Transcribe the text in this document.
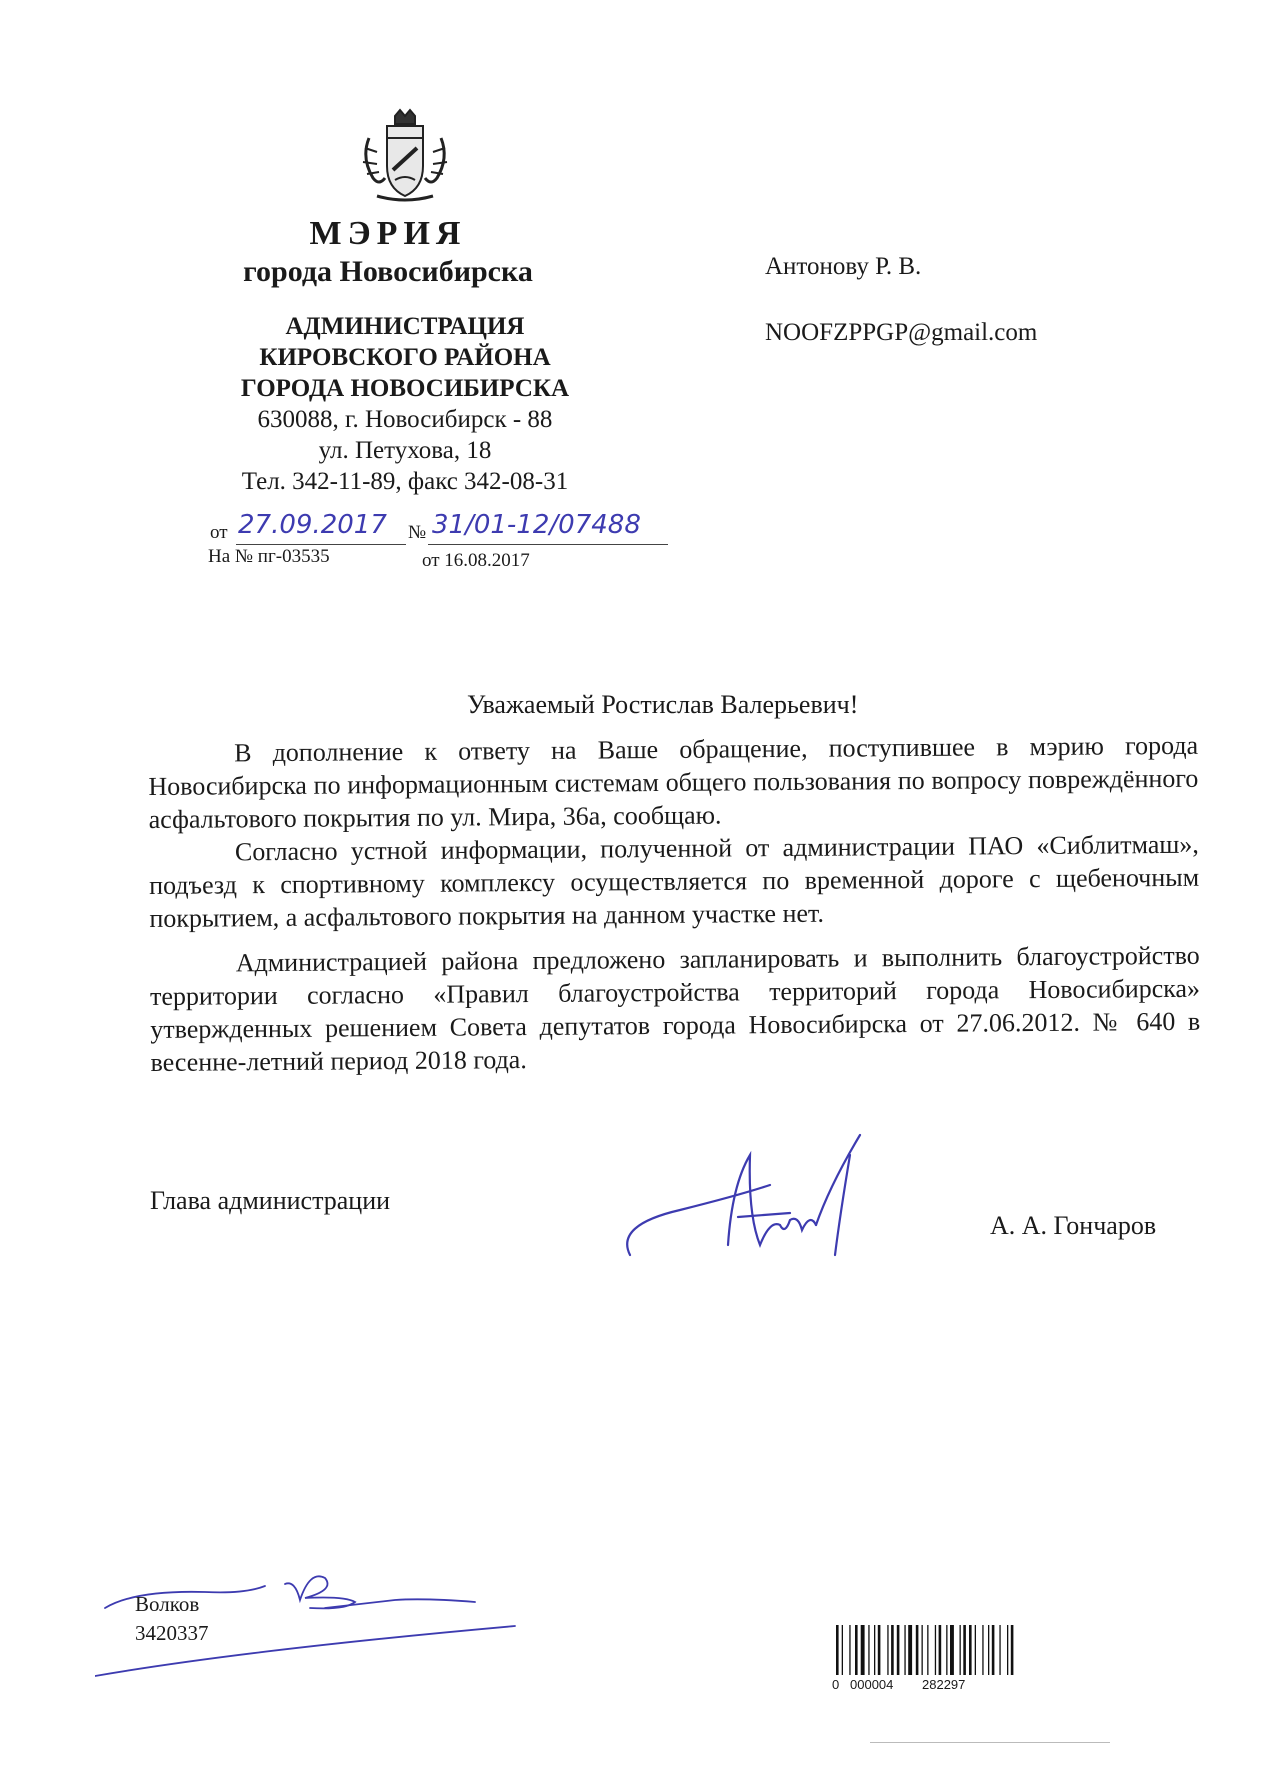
МЭРИЯ
города Новосибирска
АДМИНИСТРАЦИЯ
КИРОВСКОГО РАЙОНА
ГОРОДА НОВОСИБИРСКА
630088, г. Новосибирск - 88
ул. Петухова, 18
Тел. 342-11-89, факс 342-08-31
от 27.09.2017 № 31/01-12/07488
На № пг-03535	от 16.08.2017
Антонову Р. В.
NOOFZPPGP@gmail.com
Уважаемый Ростислав Валерьевич!

В дополнение к ответу на Ваше обращение, поступившее в мэрию города Новосибирска по информационным системам общего пользования по вопросу повреждённого асфальтового покрытия по ул. Мира, 36а, сообщаю.

Согласно устной информации, полученной от администрации ПАО «Сиблитмаш», подъезд к спортивному комплексу осуществляется по временной дороге с щебеночным покрытием, а асфальтового покрытия на данном участке нет.

Администрацией района предложено запланировать и выполнить благоустройство территории согласно «Правил благоустройства территорий города Новосибирска» утвержденных решением Совета депутатов города Новосибирска от 27.06.2012. № 640 в весенне-летний период 2018 года.

Глава администрации
А. А. Гончаров
Волков
3420337
0 000004 282297
